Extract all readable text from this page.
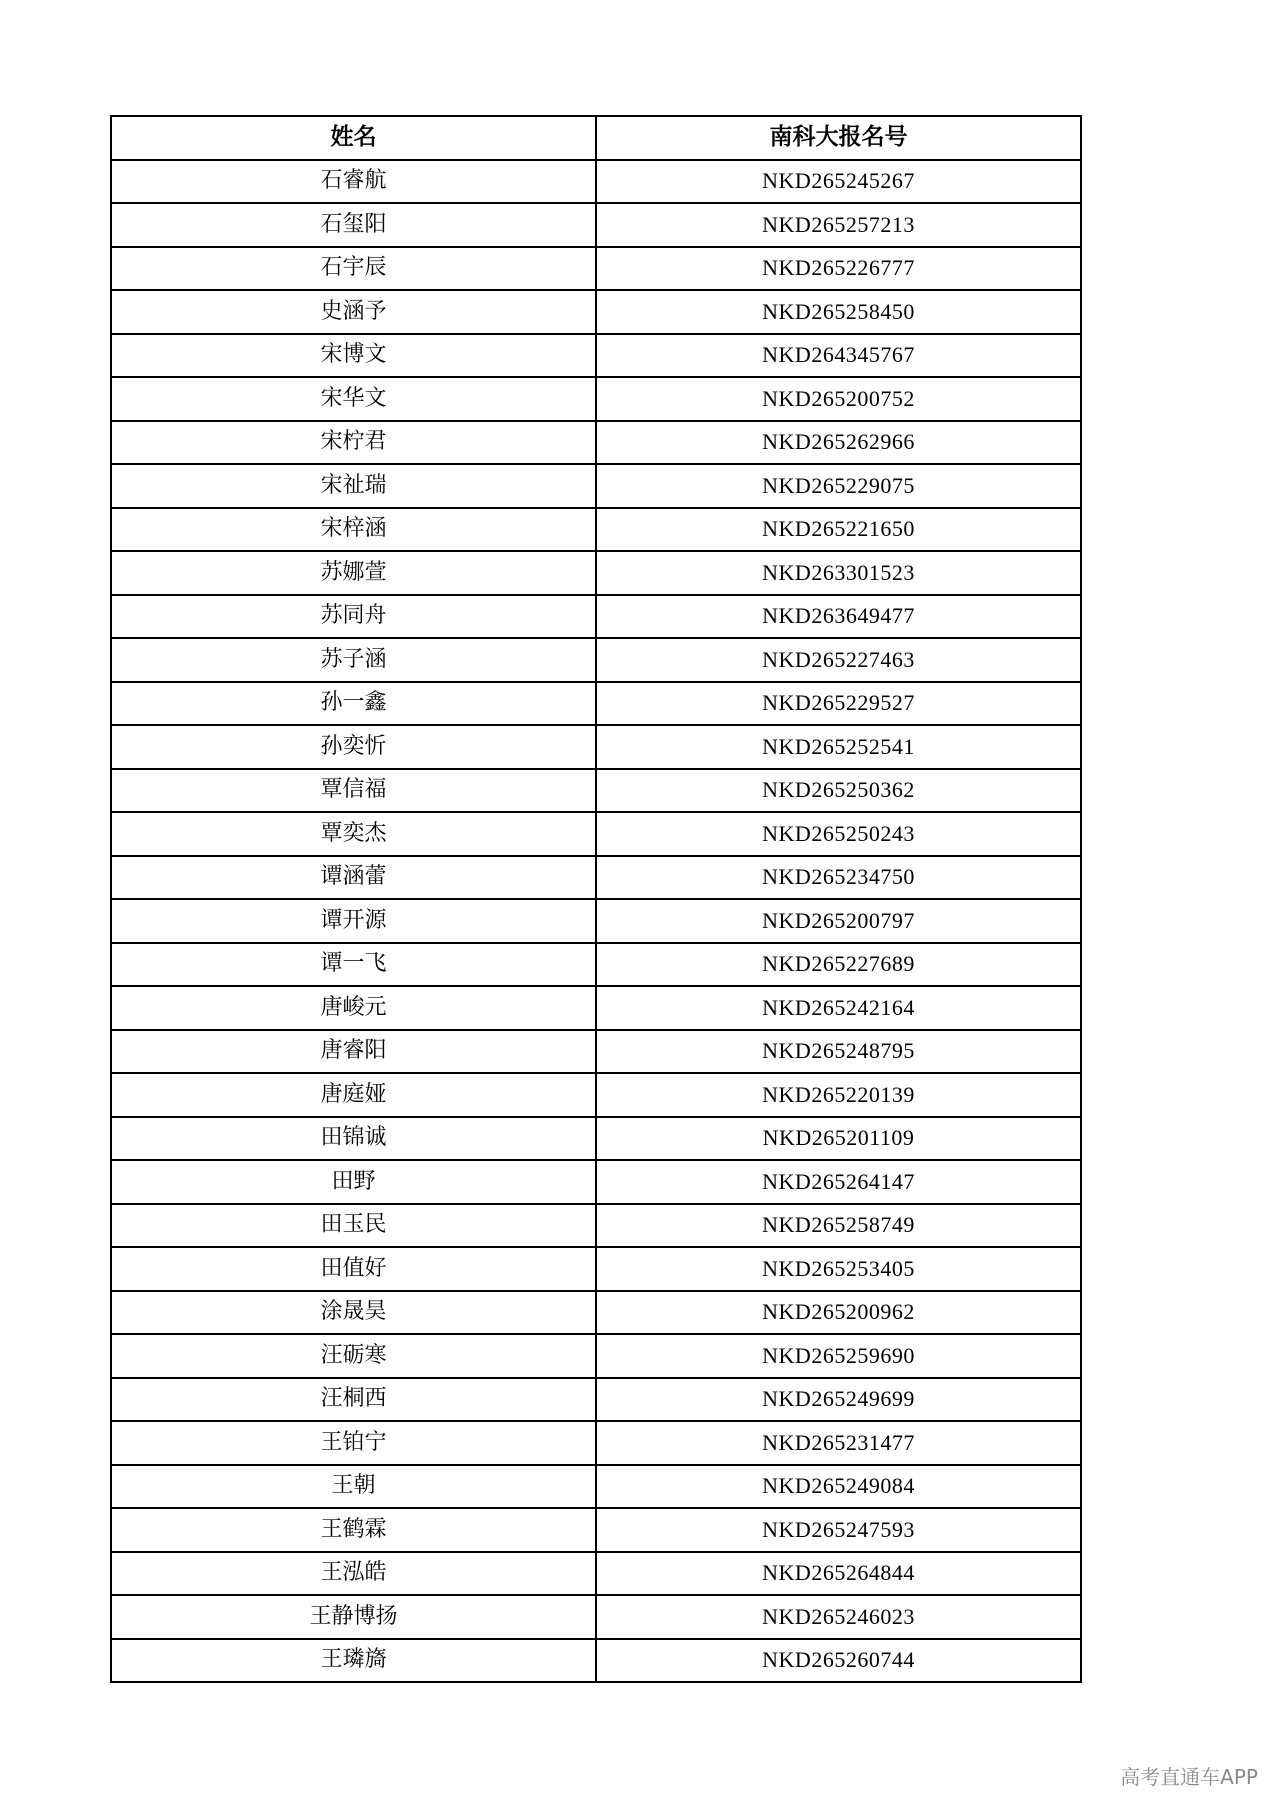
姓名	南科大报名号
石睿航	NKD265245267
石玺阳	NKD265257213
石宇辰	NKD265226777
史涵予	NKD265258450
宋博文	NKD264345767
宋华文	NKD265200752
宋柠君	NKD265262966
宋祉瑞	NKD265229075
宋梓涵	NKD265221650
苏娜萱	NKD263301523
苏同舟	NKD263649477
苏子涵	NKD265227463
孙一鑫	NKD265229527
孙奕忻	NKD265252541
覃信福	NKD265250362
覃奕杰	NKD265250243
谭涵蕾	NKD265234750
谭开源	NKD265200797
谭一飞	NKD265227689
唐峻元	NKD265242164
唐睿阳	NKD265248795
唐庭娅	NKD265220139
田锦诚	NKD265201109
田野	NKD265264147
田玉民	NKD265258749
田值好	NKD265253405
涂晟昊	NKD265200962
汪砺寒	NKD265259690
汪桐西	NKD265249699
王铂宁	NKD265231477
王朝	NKD265249084
王鹤霖	NKD265247593
王泓皓	NKD265264844
王静博扬	NKD265246023
王璘旖	NKD265260744
高考直通车APP
